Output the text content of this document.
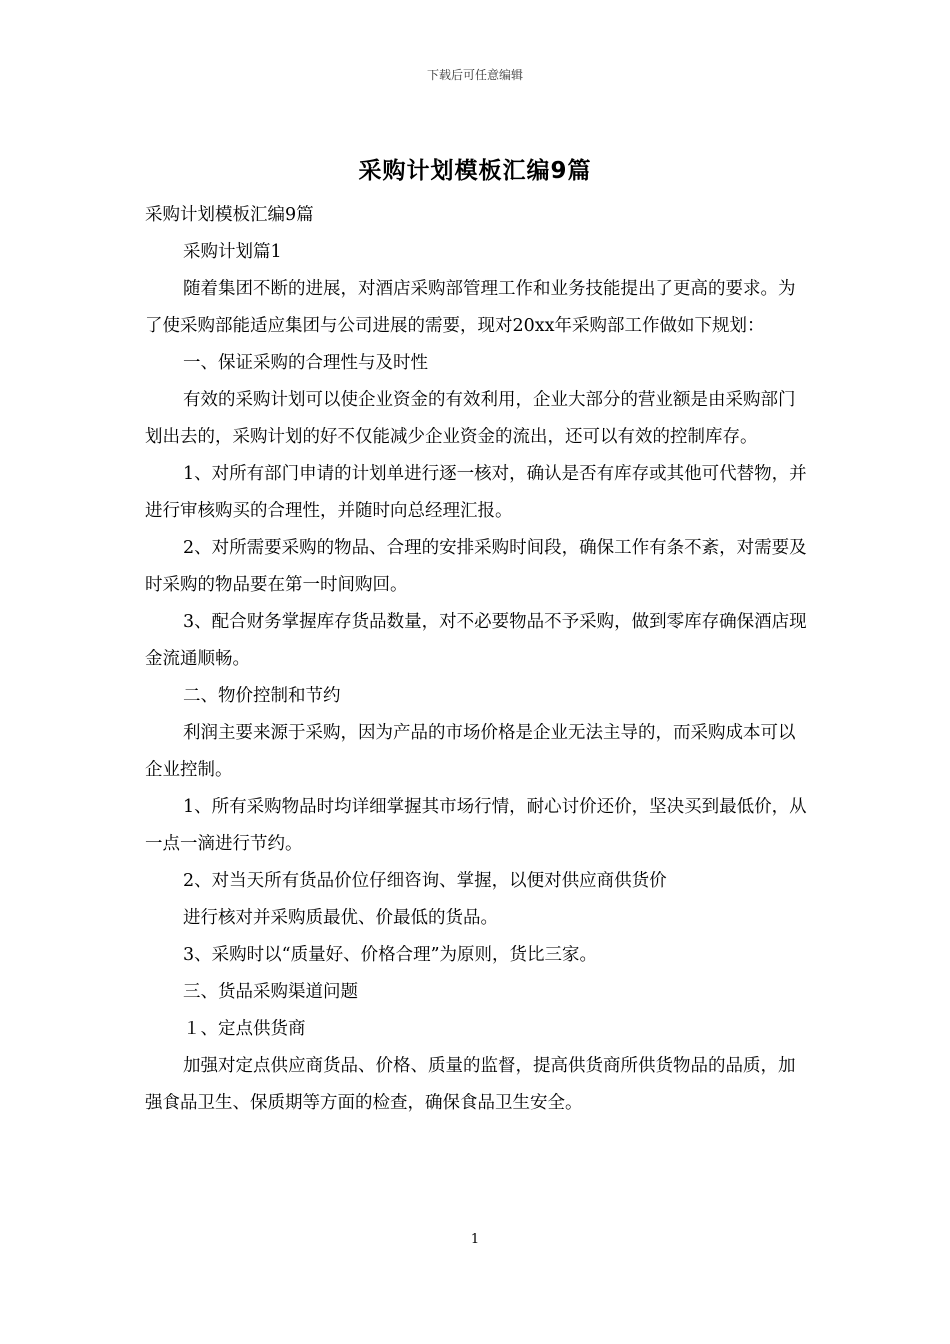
下载后可任意编辑
采购计划模板汇编9篇

采购计划模板汇编9篇

采购计划篇1

随着集团不断的进展，对酒店采购部管理工作和业务技能提出了更高的要求。为了使采购部能适应集团与公司进展的需要，现对20xx年采购部工作做如下规划：

一、保证采购的合理性与及时性

有效的采购计划可以使企业资金的有效利用，企业大部分的营业额是由采购部门划出去的，采购计划的好不仅能减少企业资金的流出，还可以有效的控制库存。

1、对所有部门申请的计划单进行逐一核对，确认是否有库存或其他可代替物，并进行审核购买的合理性，并随时向总经理汇报。

2、对所需要采购的物品、合理的安排采购时间段，确保工作有条不紊，对需要及时采购的物品要在第一时间购回。

3、配合财务掌握库存货品数量，对不必要物品不予采购，做到零库存确保酒店现金流通顺畅。

二、物价控制和节约

利润主要来源于采购，因为产品的市场价格是企业无法主导的，而采购成本可以企业控制。

1、所有采购物品时均详细掌握其市场行情，耐心讨价还价，坚决买到最低价，从一点一滴进行节约。

2、对当天所有货品价位仔细咨询、掌握，以便对供应商供货价

进行核对并采购质最优、价最低的货品。

3、采购时以“质量好、价格合理”为原则，货比三家。

三、货品采购渠道问题

１、定点供货商

加强对定点供应商货品、价格、质量的监督，提高供货商所供货物品的品质，加强食品卫生、保质期等方面的检查，确保食品卫生安全。

1
